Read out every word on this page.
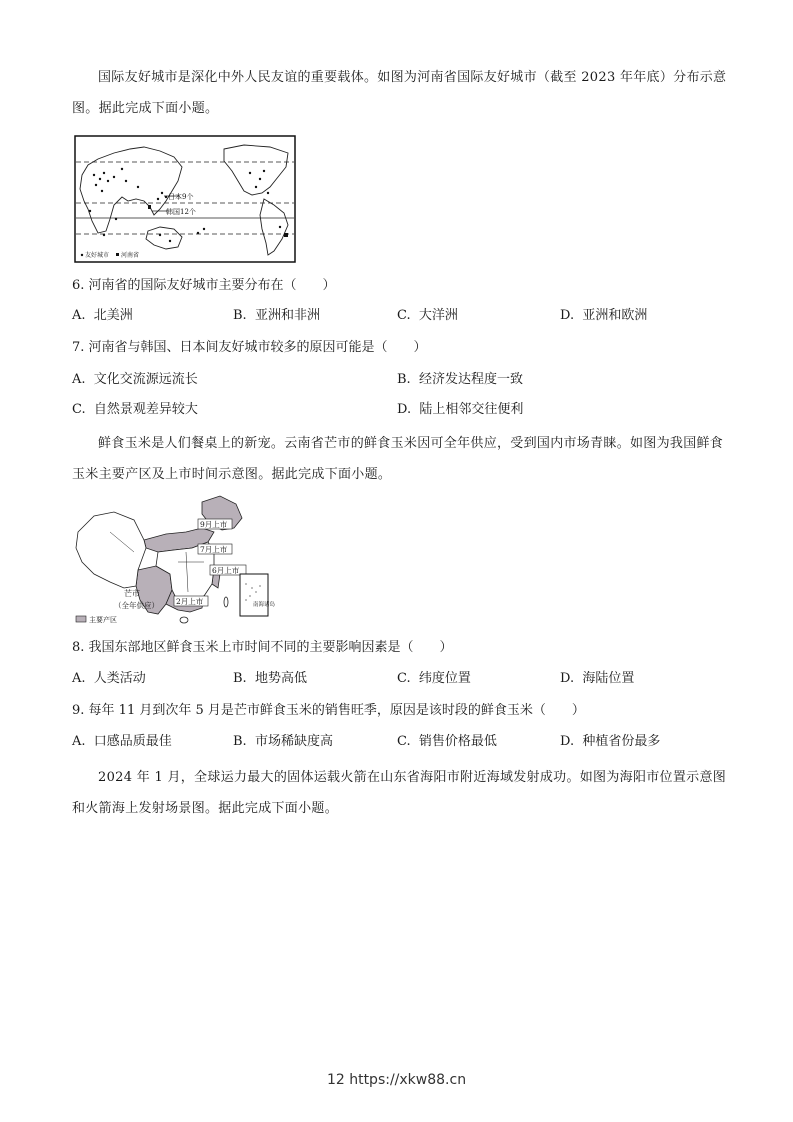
国际友好城市是深化中外人民友谊的重要载体。如图为河南省国际友好城市（截至 2023 年年底）分布示意图。据此完成下面小题。

日本9个
韩国12个
友好城市 河南省
6. 河南省的国际友好城市主要分布在（　　）
A. 北美洲	B. 亚洲和非洲	C. 大洋洲	D. 亚洲和欧洲
7. 河南省与韩国、日本间友好城市较多的原因可能是（　　）
A. 文化交流源远流长	B. 经济发达程度一致
C. 自然景观差异较大	D. 陆上相邻交往便利

鲜食玉米是人们餐桌上的新宠。云南省芒市的鲜食玉米因可全年供应，受到国内市场青睐。如图为我国鲜食玉米主要产区及上市时间示意图。据此完成下面小题。

9月上市
7月上市
6月上市
2月上市
芒市
（全年供应）	南海诸岛
主要产区
8. 我国东部地区鲜食玉米上市时间不同的主要影响因素是（　　）
A. 人类活动	B. 地势高低	C. 纬度位置	D. 海陆位置
9. 每年 11 月到次年 5 月是芒市鲜食玉米的销售旺季，原因是该时段的鲜食玉米（　　）
A. 口感品质最佳	B. 市场稀缺度高	C. 销售价格最低	D. 种植省份最多

2024 年 1 月，全球运力最大的固体运载火箭在山东省海阳市附近海域发射成功。如图为海阳市位置示意图和火箭海上发射场景图。据此完成下面小题。

12 https://xkw88.cn
